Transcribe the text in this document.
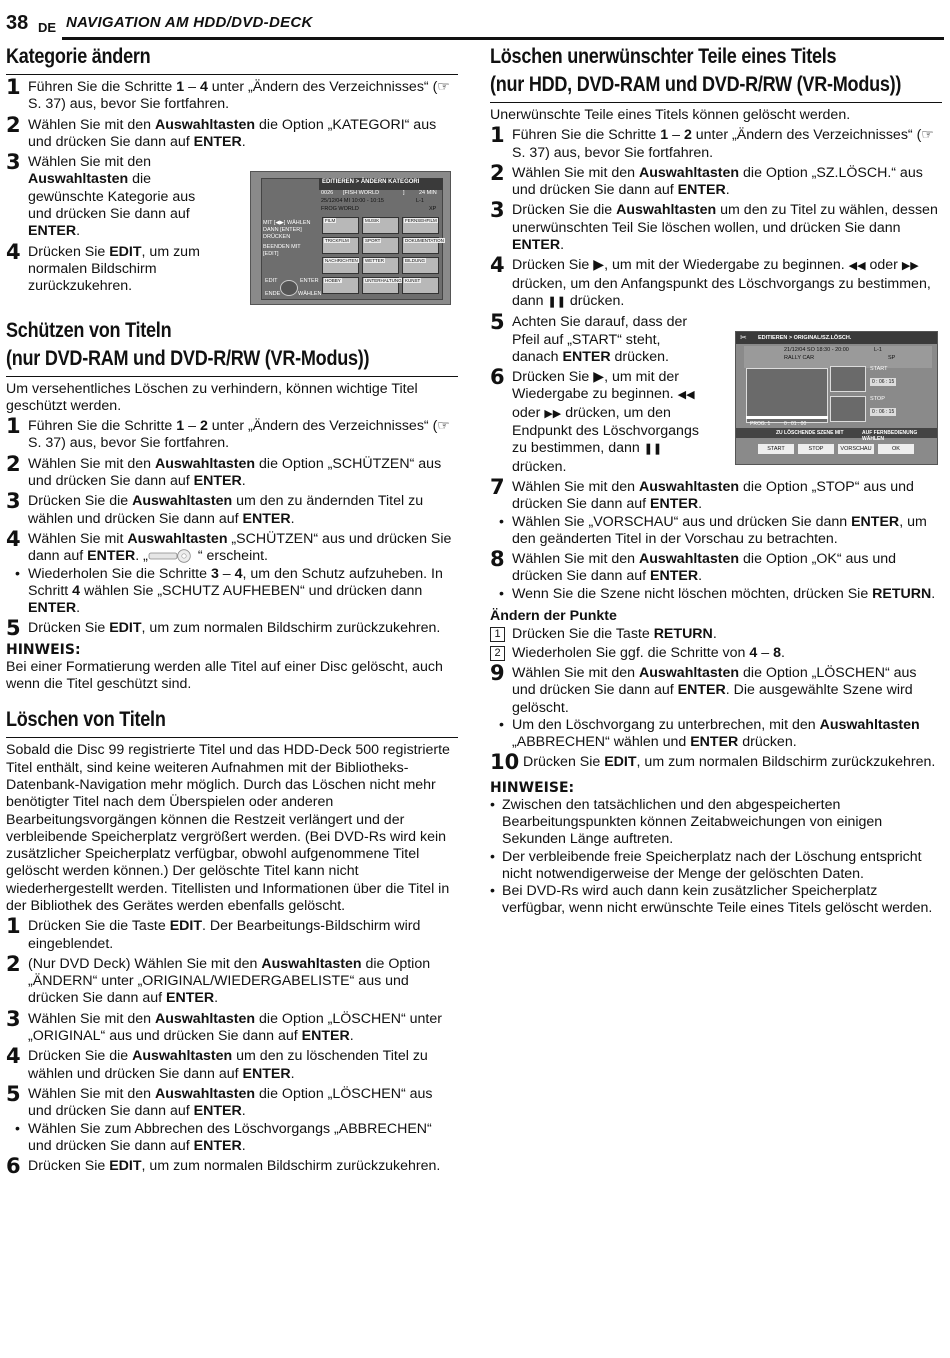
38 DE NAVIGATION AM HDD/DVD-DECK
Kategorie ändern
1 Führen Sie die Schritte 1 – 4 unter „Ändern des Verzeichnisses“ (☞ S. 37) aus, bevor Sie fortfahren.
2 Wählen Sie mit den Auswahltasten die Option „KATEGORI“ aus und drücken Sie dann auf ENTER.
3 Wählen Sie mit den Auswahltasten die gewünschte Kategorie aus und drücken Sie dann auf ENTER.
4 Drücken Sie EDIT, um zum normalen Bildschirm zurückzukehren.
Schützen von Titeln
(nur DVD-RAM und DVD-R/RW (VR-Modus))

Um versehentliches Löschen zu verhindern, können wichtige Titel geschützt werden.

1 Führen Sie die Schritte 1 – 2 unter „Ändern des Verzeichnisses“ (☞ S. 37) aus, bevor Sie fortfahren.
2 Wählen Sie mit den Auswahltasten die Option „SCHÜTZEN“ aus und drücken Sie dann auf ENTER.
3 Drücken Sie die Auswahltasten um den zu ändernden Titel zu wählen und drücken Sie dann auf ENTER.
4 Wählen Sie mit Auswahltasten „SCHÜTZEN“ aus und drücken Sie dann auf ENTER. „	“ erscheint.
• Wiederholen Sie die Schritte 3 – 4, um den Schutz aufzuheben. In Schritt 4 wählen Sie „SCHUTZ AUFHEBEN“ und drücken dann ENTER.
5 Drücken Sie EDIT, um zum normalen Bildschirm zurückzukehren.
HINWEIS:

Bei einer Formatierung werden alle Titel auf einer Disc gelöscht, auch wenn die Titel geschützt sind.

Löschen von Titeln

Sobald die Disc 99 registrierte Titel und das HDD-Deck 500 registrierte Titel enthält, sind keine weiteren Aufnahmen mit der Bibliotheks-Datenbank-Navigation mehr möglich. Durch das Löschen nicht mehr benötigter Titel nach dem Überspielen oder anderen Bearbeitungsvorgängen können die Restzeit verlängert und der verbleibende Speicherplatz vergrößert werden. (Bei DVD-Rs wird kein zusätzlicher Speicherplatz verfügbar, obwohl aufgenommene Titel gelöscht werden können.) Der gelöschte Titel kann nicht wiederhergestellt werden. Titellisten und Informationen über die Titel in der Bibliothek des Gerätes werden ebenfalls gelöscht.

1 Drücken Sie die Taste EDIT. Der Bearbeitungs-Bildschirm wird eingeblendet.
2 (Nur DVD Deck) Wählen Sie mit den Auswahltasten die Option „ÄNDERN“ unter „ORIGINAL/WIEDERGABELISTE“ aus und drücken Sie dann auf ENTER.
3 Wählen Sie mit den Auswahltasten die Option „LÖSCHEN“ unter „ORIGINAL“ aus und drücken Sie dann auf ENTER.
4 Drücken Sie die Auswahltasten um den zu löschenden Titel zu wählen und drücken Sie dann auf ENTER.
5 Wählen Sie mit den Auswahltasten die Option „LÖSCHEN“ aus und drücken Sie dann auf ENTER.
• Wählen Sie zum Abbrechen des Löschvorgangs „ABBRECHEN“ und drücken Sie dann auf ENTER.
6 Drücken Sie EDIT, um zum normalen Bildschirm zurückzukehren.
EDITIEREN > ÄNDERN KATEGORI
0026 [FISH WORLD	]	24 MIN
25/12/04 MI 10:00 - 10:15	L-1
FROG WORLD	XP
MIT [◀▶] WÄHLEN DANN [ENTER] DRÜCKEN
BEENDEN MIT [EDIT]
FILM	MUSIK	FERNSEHFILM
TRICKFILM	SPORT	DOKUMENTATION
NACHRICHTEN WETTER	BILDUNG
HOBBY	UNTERHALTUNG KUNST
EDIT	ENTER
ENDE	WÄHLEN
Löschen unerwünschter Teile eines Titels
(nur HDD, DVD-RAM und DVD-R/RW (VR-Modus))

Unerwünschte Teile eines Titels können gelöscht werden.

1 Führen Sie die Schritte 1 – 2 unter „Ändern des Verzeichnisses“ (☞ S. 37) aus, bevor Sie fortfahren.
2 Wählen Sie mit den Auswahltasten die Option „SZ.LÖSCH.“ aus und drücken Sie dann auf ENTER.
3 Drücken Sie die Auswahltasten um den zu Titel zu wählen, dessen unerwünschten Teil Sie löschen wollen, und drücken Sie dann ENTER.
4 Drücken Sie ▶, um mit der Wiedergabe zu beginnen. ◀◀ oder ▶▶ drücken, um den Anfangspunkt des Löschvorgangs zu bestimmen, dann ❚❚ drücken.
5 Achten Sie darauf, dass der Pfeil auf „START“ steht, danach ENTER drücken.
6 Drücken Sie ▶, um mit der Wiedergabe zu beginnen. ◀◀ oder ▶▶ drücken, um den Endpunkt des Löschvorgangs zu bestimmen, dann ❚❚ drücken.
7 Wählen Sie mit den Auswahltasten die Option „STOP“ aus und drücken Sie dann auf ENTER.
• Wählen Sie „VORSCHAU“ aus und drücken Sie dann ENTER, um den geänderten Titel in der Vorschau zu betrachten.
8 Wählen Sie mit den Auswahltasten die Option „OK“ aus und drücken Sie dann auf ENTER.
• Wenn Sie die Szene nicht löschen möchten, drücken Sie RETURN.
Ändern der Punkte
1 Drücken Sie die Taste RETURN.
2 Wiederholen Sie ggf. die Schritte von 4 – 8.
9 Wählen Sie mit den Auswahltasten die Option „LÖSCHEN“ aus und drücken Sie dann auf ENTER. Die ausgewählte Szene wird gelöscht.
• Um den Löschvorgang zu unterbrechen, mit den Auswahltasten „ABBRECHEN“ wählen und ENTER drücken.
10 Drücken Sie EDIT, um zum normalen Bildschirm zurückzukehren.
HINWEISE:
• Zwischen den tatsächlichen und den abgespeicherten Bearbeitungspunkten können Zeitabweichungen von einigen Sekunden Länge auftreten.
• Der verbleibende freie Speicherplatz nach der Löschung entspricht nicht notwendigerweise der Menge der gelöschten Daten.
• Bei DVD-Rs wird auch dann kein zusätzlicher Speicherplatz verfügbar, wenn nicht erwünschte Teile eines Titels gelöscht werden.
✂ EDITIEREN > ORIGINAL/SZ.LÖSCH.
21/12/04 SO 18:30 - 20:00	L-1
RALLY CAR	SP
START
0 : 06 : 15
STOP
0 : 06 : 15
PROG. 1	0 : 01 : 00
ZU LÖSCHENDE SZENE MIT	AUF FERNBEDIENUNG WÄHLEN
START	STOP	VORSCHAU	OK
